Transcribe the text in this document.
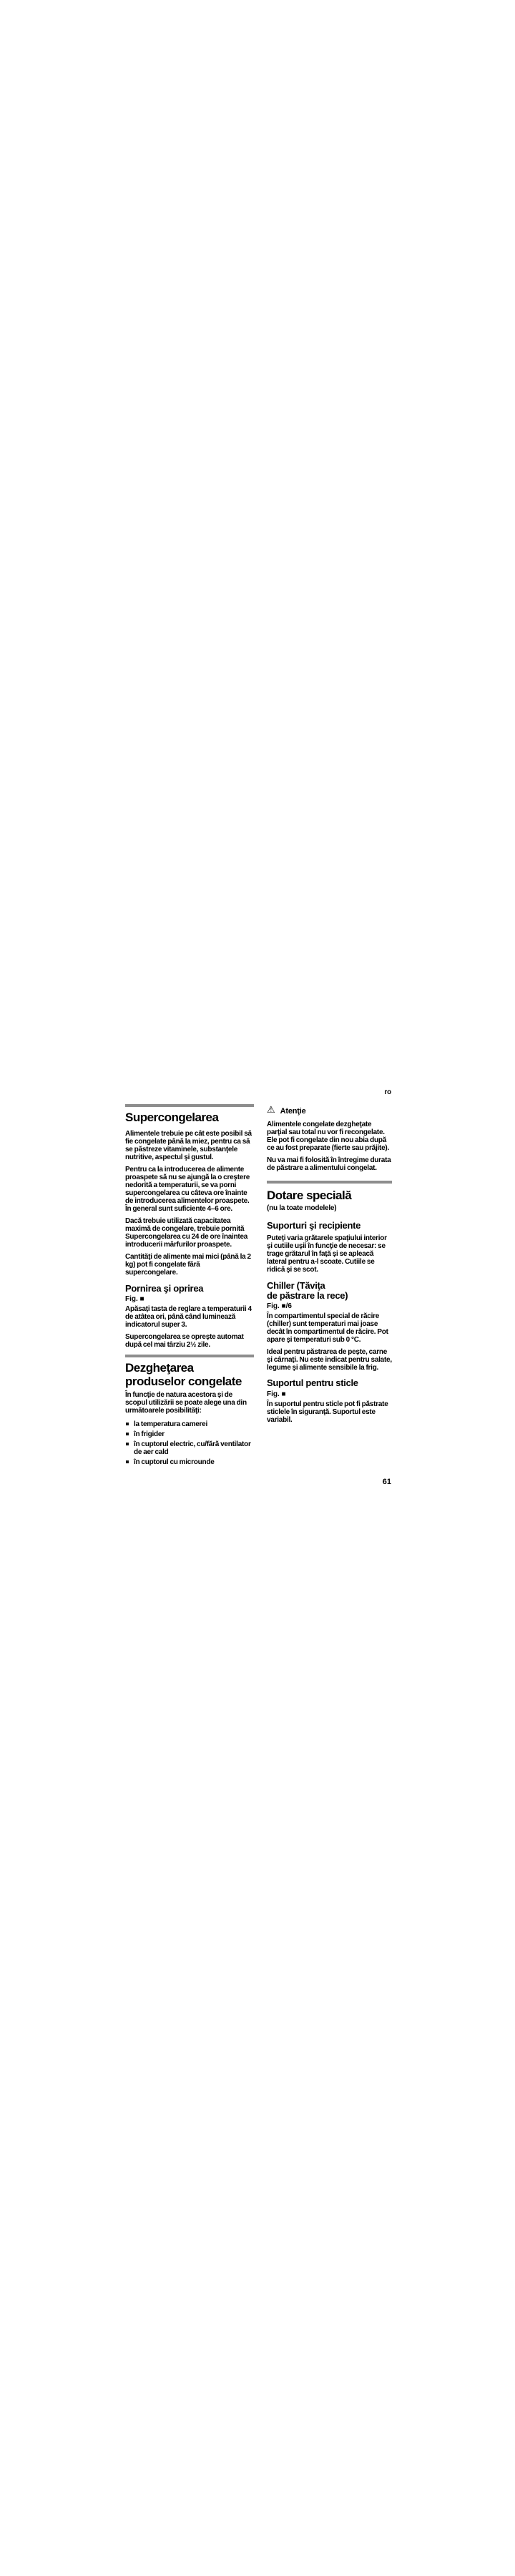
ro
Supercongelarea

Alimentele trebuie pe cât este posibil să fie congelate până la miez, pentru ca să se păstreze vitaminele, substanţele nutritive, aspectul şi gustul.

Pentru ca la introducerea de alimente proaspete să nu se ajungă la o creştere nedorită a temperaturii, se va porni supercongelarea cu câteva ore înainte de introducerea alimentelor proaspete. În general sunt suficiente 4–6 ore.

Dacă trebuie utilizată capacitatea maximă de congelare, trebuie pornită Supercongelarea cu 24 de ore înaintea introducerii mărfurilor proaspete.

Cantităţi de alimente mai mici (până la 2 kg) pot fi congelate fără supercongelare.

Pornirea şi oprirea
Fig. ■

Apăsaţi tasta de reglare a temperaturii 4 de atâtea ori, până când luminează indicatorul super 3.

Supercongelarea se opreşte automat după cel mai târziu 2½ zile.

Dezgheţarea
produselor congelate

În funcţie de natura acestora şi de scopul utilizării se poate alege una din următoarele posibilităţi:

la temperatura camerei
în frigider
în cuptorul electric, cu/fără ventilator de aer cald
în cuptorul cu microunde
⚠ Atenţie

Alimentele congelate dezgheţate parţial sau total nu vor fi recongelate. Ele pot fi congelate din nou abia după ce au fost preparate (fierte sau prăjite).

Nu va mai fi folosită în întregime durata de păstrare a alimentului congelat.

Dotare specială
(nu la toate modelele)
Suporturi şi recipiente

Puteţi varia grătarele spaţiului interior şi cutiile uşii în funcţie de necesar: se trage grătarul în faţă şi se apleacă lateral pentru a-l scoate. Cutiile se ridică şi se scot.

Chiller (Tăviţa
de păstrare la rece)
Fig. ■/6

În compartimentul special de răcire (chiller) sunt temperaturi mai joase decât în compartimentul de răcire. Pot apare şi temperaturi sub 0 °C.

Ideal pentru păstrarea de peşte, carne şi cârnaţi. Nu este indicat pentru salate, legume şi alimente sensibile la frig.

Suportul pentru sticle
Fig. ■

În suportul pentru sticle pot fi păstrate sticlele în siguranţă. Suportul este variabil.

61
